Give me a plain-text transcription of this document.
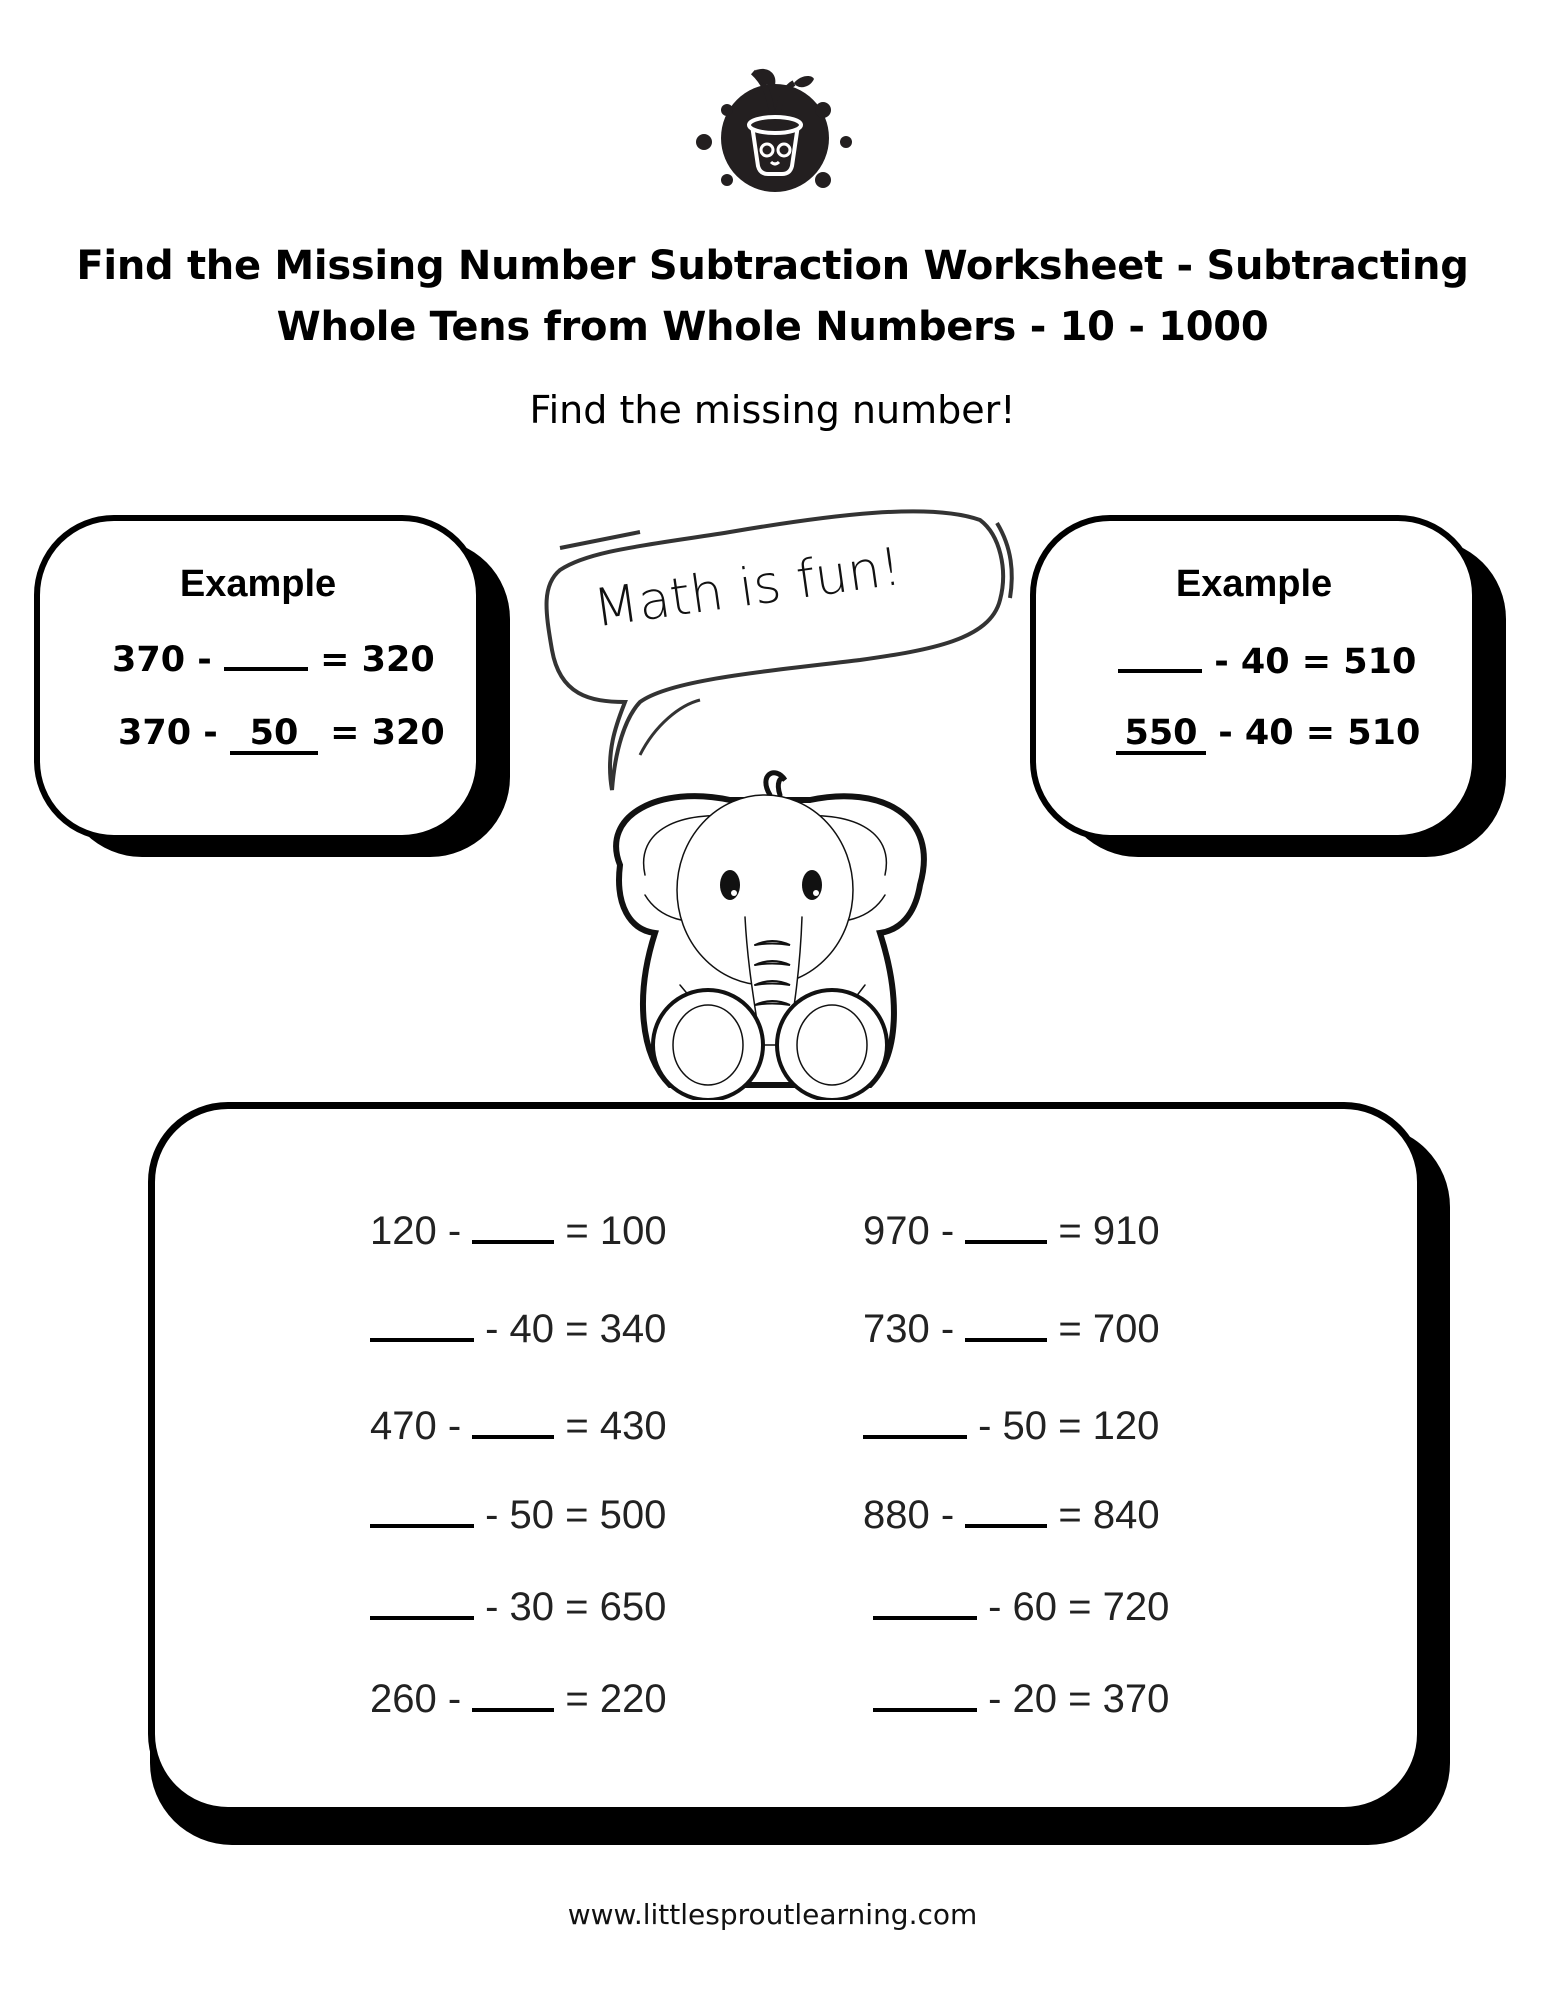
Find the Missing Number Subtraction Worksheet - Subtracting
Whole Tens from Whole Numbers - 10 - 1000
Find the missing number!
Example
370 -	= 320
370 - 50 = 320
Example
- 40 = 510
550 - 40 = 510
Math is fun!
120 -	= 100
- 40 = 340
470 -	= 430
- 50 = 500
- 30 = 650
260 -	= 220
970 -	= 910
730 -	= 700
- 50 = 120
880 -	= 840
- 60 = 720
- 20 = 370
www.littlesproutlearning.com
